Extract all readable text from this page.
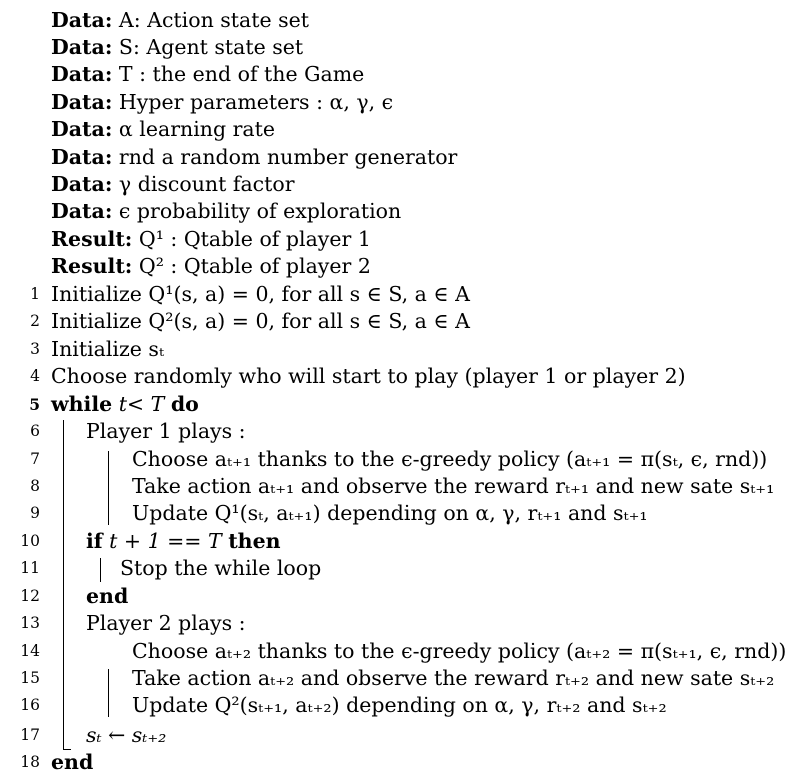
Data: A: Action state set
Data: S: Agent state set
Data: T : the end of the Game
Data: Hyper parameters : α, γ, ϵ
Data: α learning rate
Data: rnd a random number generator
Data: γ discount factor
Data: ϵ probability of exploration
Result: Q¹ : Qtable of player 1
Result: Q² : Qtable of player 2
1 Initialize Q¹(s, a) = 0, for all s ∈ S, a ∈ A
2 Initialize Q²(s, a) = 0, for all s ∈ S, a ∈ A
3 Initialize sₜ
4 Choose randomly who will start to play (player 1 or player 2)
5 while t< T do
6 Player 1 plays :
7	Choose aₜ₊₁ thanks to the ϵ-greedy policy (aₜ₊₁ = π(sₜ, ϵ, rnd))
8	Take action aₜ₊₁ and observe the reward rₜ₊₁ and new sate sₜ₊₁
9	Update Q¹(sₜ, aₜ₊₁) depending on α, γ, rₜ₊₁ and sₜ₊₁
10 if t + 1 == T then
11	Stop the while loop
12 end
13 Player 2 plays :
14	Choose aₜ₊₂ thanks to the ϵ-greedy policy (aₜ₊₂ = π(sₜ₊₁, ϵ, rnd))
15	Take action aₜ₊₂ and observe the reward rₜ₊₂ and new sate sₜ₊₂
16	Update Q²(sₜ₊₁, aₜ₊₂) depending on α, γ, rₜ₊₂ and sₜ₊₂
17 sₜ ← sₜ₊₂
18 end
